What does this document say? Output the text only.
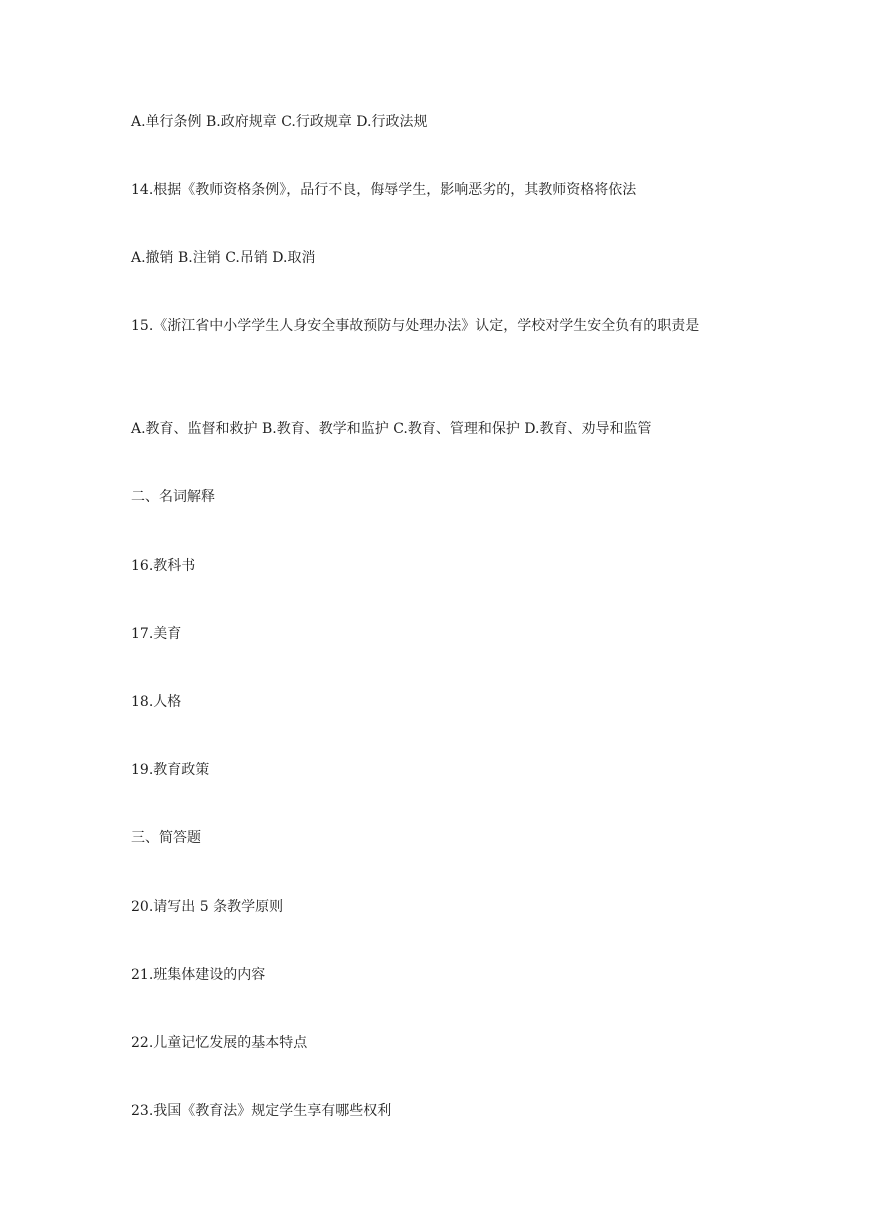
A.单行条例 B.政府规章 C.行政规章 D.行政法规
14.根据《教师资格条例》，品行不良，侮辱学生，影响恶劣的，其教师资格将依法
A.撤销 B.注销 C.吊销 D.取消
15.《浙江省中小学学生人身安全事故预防与处理办法》认定，学校对学生安全负有的职责是
A.教育、监督和救护 B.教育、教学和监护 C.教育、管理和保护 D.教育、劝导和监管
二、名词解释
16.教科书
17.美育
18.人格
19.教育政策
三、简答题
20.请写出 5 条教学原则
21.班集体建设的内容
22.儿童记忆发展的基本特点
23.我国《教育法》规定学生享有哪些权利
